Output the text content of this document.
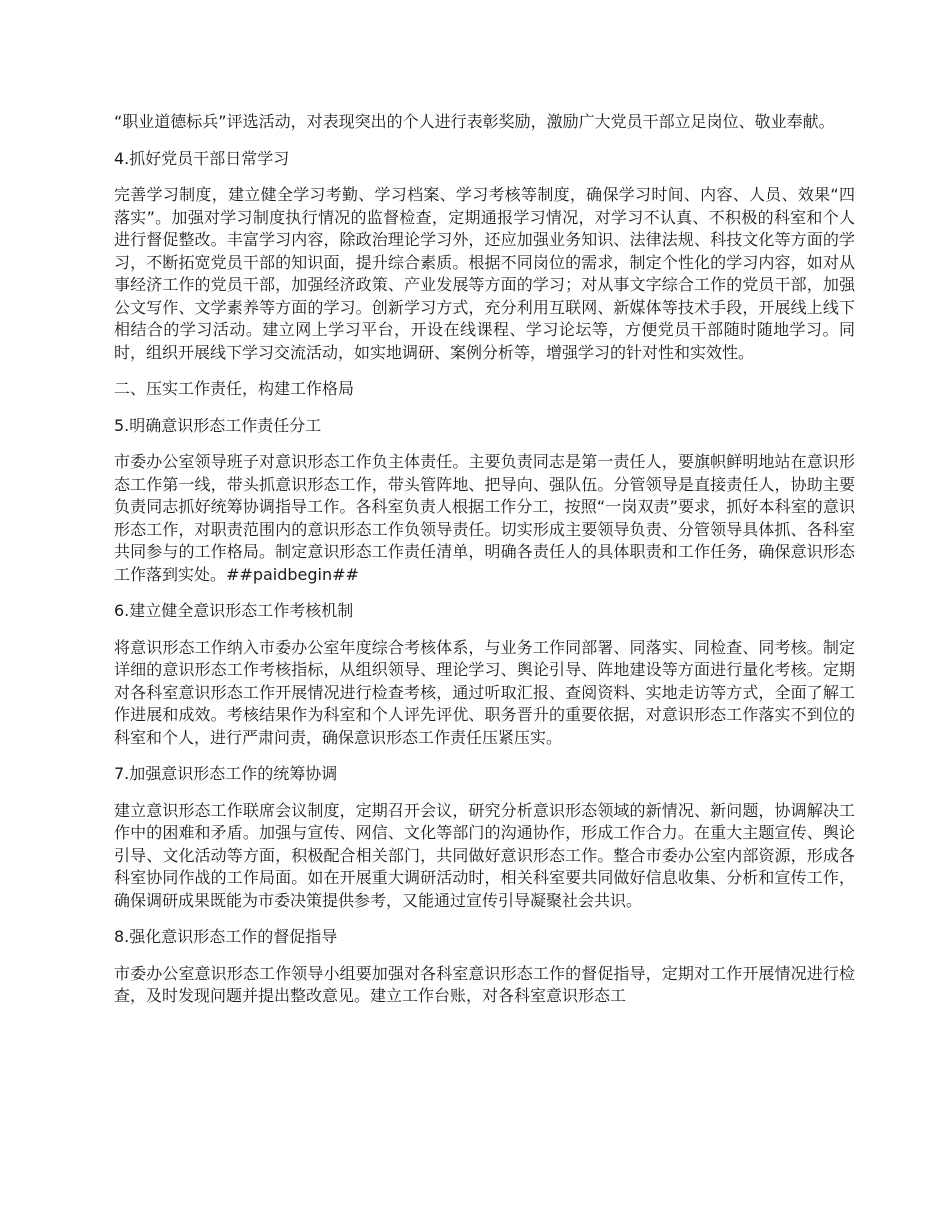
“职业道德标兵”评选活动，对表现突出的个人进行表彰奖励，激励广大党员干部立足岗位、敬业奉献。

4.抓好党员干部日常学习

完善学习制度，建立健全学习考勤、学习档案、学习考核等制度，确保学习时间、内容、人员、效果“四落实”。加强对学习制度执行情况的监督检查，定期通报学习情况，对学习不认真、不积极的科室和个人进行督促整改。丰富学习内容，除政治理论学习外，还应加强业务知识、法律法规、科技文化等方面的学习，不断拓宽党员干部的知识面，提升综合素质。根据不同岗位的需求，制定个性化的学习内容，如对从事经济工作的党员干部，加强经济政策、产业发展等方面的学习；对从事文字综合工作的党员干部，加强公文写作、文学素养等方面的学习。创新学习方式，充分利用互联网、新媒体等技术手段，开展线上线下相结合的学习活动。建立网上学习平台，开设在线课程、学习论坛等，方便党员干部随时随地学习。同时，组织开展线下学习交流活动，如实地调研、案例分析等，增强学习的针对性和实效性。

二、压实工作责任，构建工作格局

5.明确意识形态工作责任分工

市委办公室领导班子对意识形态工作负主体责任。主要负责同志是第一责任人，要旗帜鲜明地站在意识形态工作第一线，带头抓意识形态工作，带头管阵地、把导向、强队伍。分管领导是直接责任人，协助主要负责同志抓好统筹协调指导工作。各科室负责人根据工作分工，按照“一岗双责”要求，抓好本科室的意识形态工作，对职责范围内的意识形态工作负领导责任。切实形成主要领导负责、分管领导具体抓、各科室共同参与的工作格局。制定意识形态工作责任清单，明确各责任人的具体职责和工作任务，确保意识形态工作落到实处。##paidbegin##

6.建立健全意识形态工作考核机制

将意识形态工作纳入市委办公室年度综合考核体系，与业务工作同部署、同落实、同检查、同考核。制定详细的意识形态工作考核指标，从组织领导、理论学习、舆论引导、阵地建设等方面进行量化考核。定期对各科室意识形态工作开展情况进行检查考核，通过听取汇报、查阅资料、实地走访等方式，全面了解工作进展和成效。考核结果作为科室和个人评先评优、职务晋升的重要依据，对意识形态工作落实不到位的科室和个人，进行严肃问责，确保意识形态工作责任压紧压实。

7.加强意识形态工作的统筹协调

建立意识形态工作联席会议制度，定期召开会议，研究分析意识形态领域的新情况、新问题，协调解决工作中的困难和矛盾。加强与宣传、网信、文化等部门的沟通协作，形成工作合力。在重大主题宣传、舆论引导、文化活动等方面，积极配合相关部门，共同做好意识形态工作。整合市委办公室内部资源，形成各科室协同作战的工作局面。如在开展重大调研活动时，相关科室要共同做好信息收集、分析和宣传工作，确保调研成果既能为市委决策提供参考，又能通过宣传引导凝聚社会共识。

8.强化意识形态工作的督促指导

市委办公室意识形态工作领导小组要加强对各科室意识形态工作的督促指导，定期对工作开展情况进行检查，及时发现问题并提出整改意见。建立工作台账，对各科室意识形态工
